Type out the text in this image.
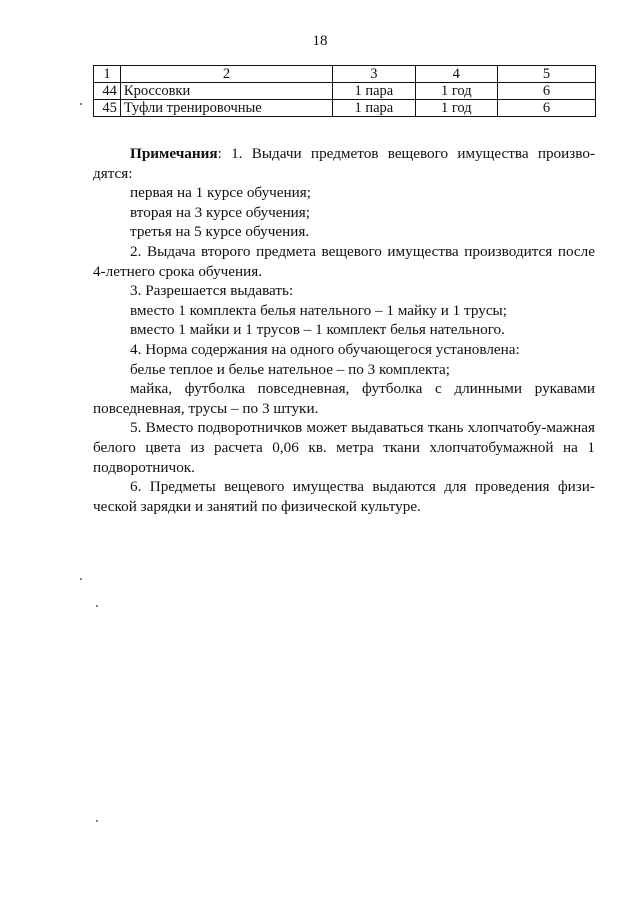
18
1	2	3	4	5
44	Кроссовки	1 пара	1 год	6
45	Туфли тренировочные	1 пара	1 год	6

Примечания: 1. Выдачи предметов вещевого имущества произво-дятся:

первая на 1 курсе обучения;

вторая на 3 курсе обучения;

третья на 5 курсе обучения.

2. Выдача второго предмета вещевого имущества производится после 4-летнего срока обучения.

3. Разрешается выдавать:

вместо 1 комплекта белья нательного – 1 майку и 1 трусы;

вместо 1 майки и 1 трусов – 1 комплект белья нательного.

4. Норма содержания на одного обучающегося установлена:

белье теплое и белье нательное – по 3 комплекта;

майка, футболка повседневная, футболка с длинными рукавами повседневная, трусы – по 3 штуки.

5. Вместо подворотничков может выдаваться ткань хлопчатобу-мажная белого цвета из расчета 0,06 кв. метра ткани хлопчатобумажной на 1 подворотничок.

6. Предметы вещевого имущества выдаются для проведения физи-ческой зарядки и занятий по физической культуре.
